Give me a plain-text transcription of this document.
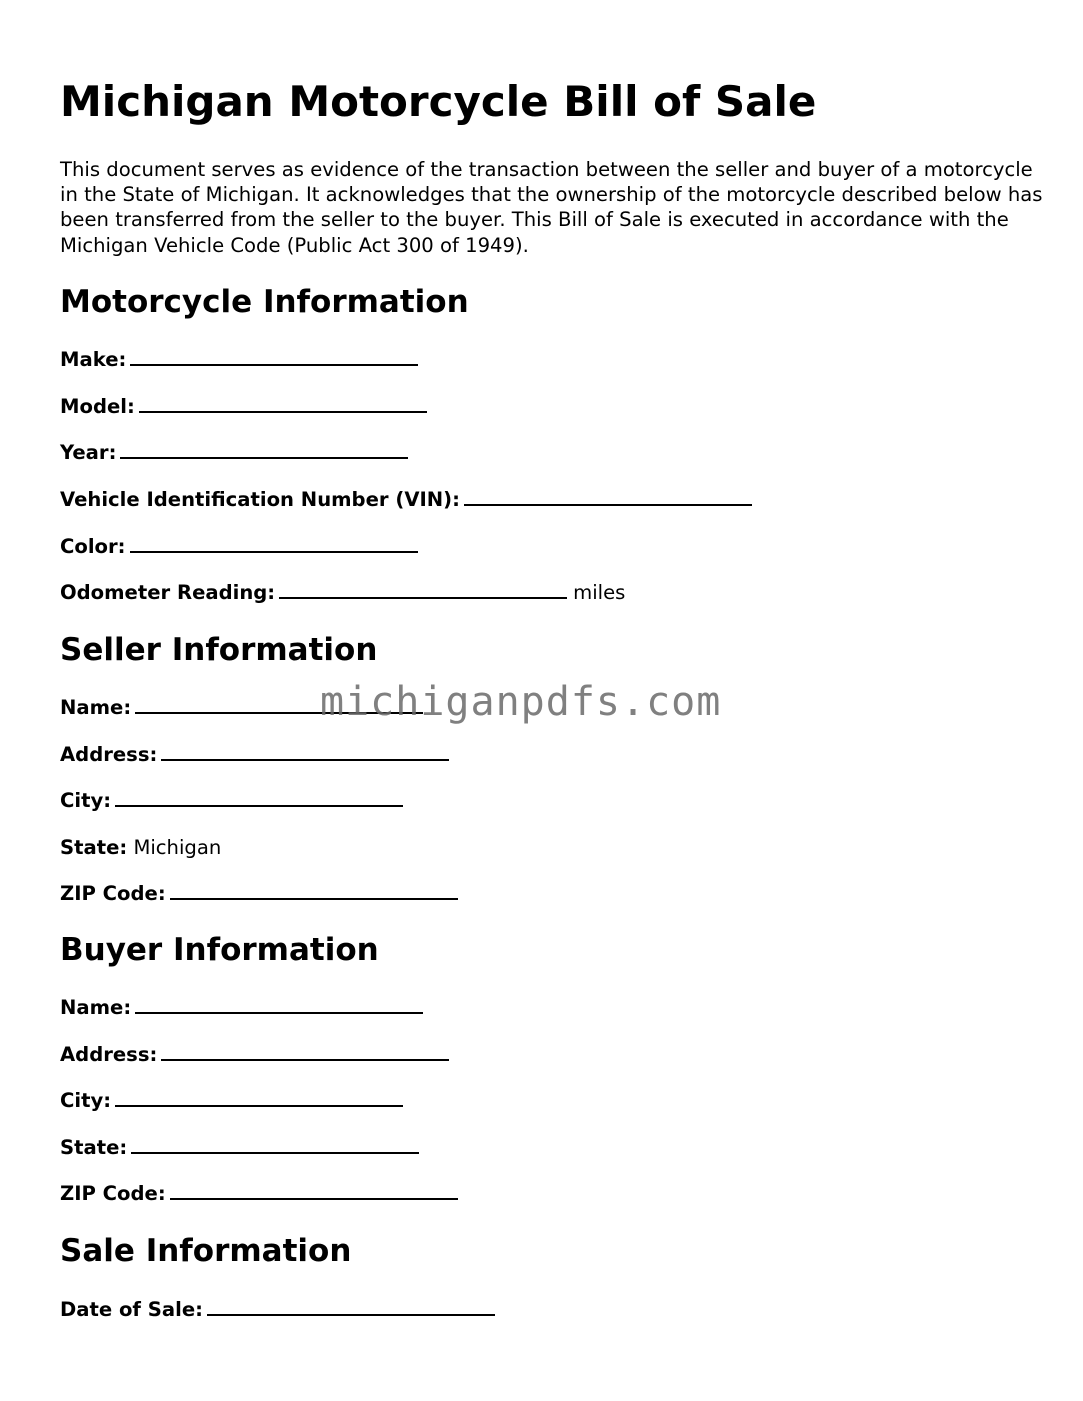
Michigan Motorcycle Bill of Sale

This document serves as evidence of the transaction between the seller and buyer of a motorcycle in the State of Michigan. It acknowledges that the ownership of the motorcycle described below has been transferred from the seller to the buyer. This Bill of Sale is executed in accordance with the Michigan Vehicle Code (Public Act 300 of 1949).

Motorcycle Information
Make:
Model:
Year:
Vehicle Identification Number (VIN):
Color:
Odometer Reading:	miles
Seller Information
Name:
Address:
City:
State: Michigan
ZIP Code:
Buyer Information
Name:
Address:
City:
State:
ZIP Code:
Sale Information
Date of Sale:
michiganpdfs.com
